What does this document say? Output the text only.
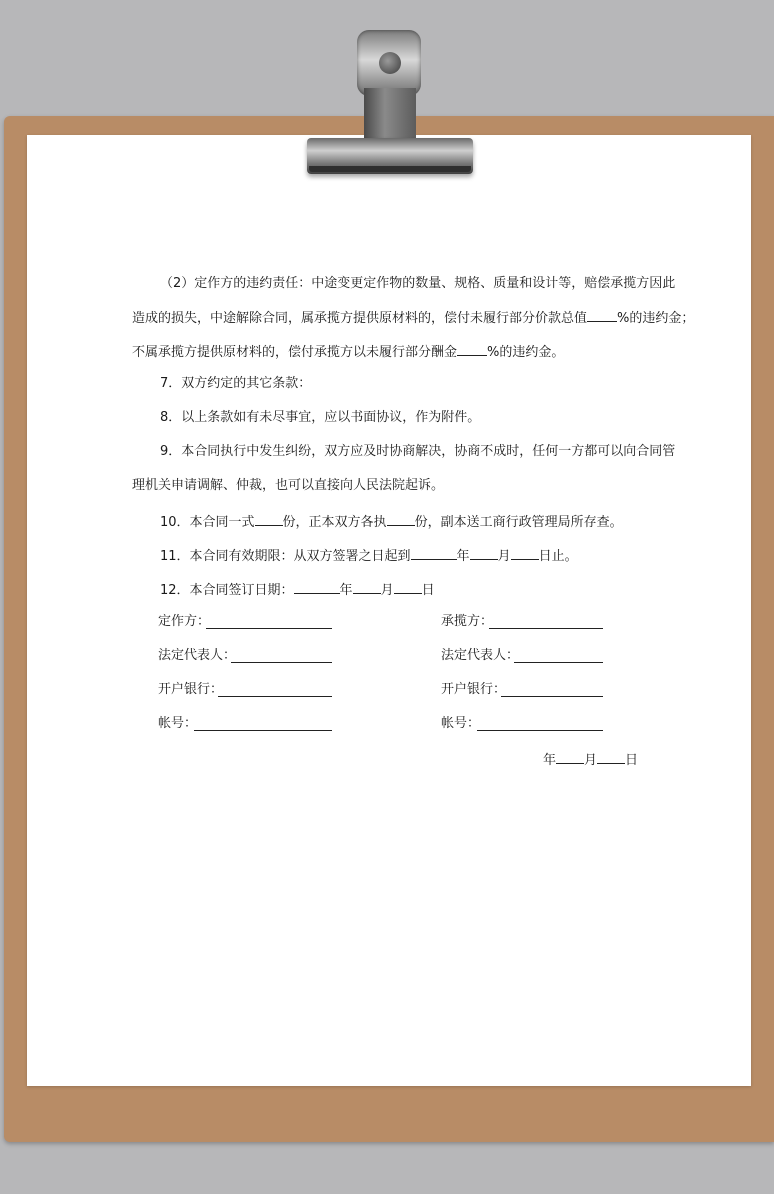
（2）定作方的违约责任：中途变更定作物的数量、规格、质量和设计等，赔偿承揽方因此

造成的损失，中途解除合同，属承揽方提供原材料的，偿付未履行部分价款总值 %的违约金；

不属承揽方提供原材料的，偿付承揽方以未履行部分酬金 %的违约金。

7．双方约定的其它条款：

8．以上条款如有未尽事宜，应以书面协议，作为附件。

9．本合同执行中发生纠纷，双方应及时协商解决，协商不成时，任何一方都可以向合同管

理机关申请调解、仲裁，也可以直接向人民法院起诉。

10．本合同一式 份，正本双方各执 份，副本送工商行政管理局所存查。

11．本合同有效期限：从双方签署之日起到	年 月 日止。

12．本合同签订日期：	年 月 日

定作方：
法定代表人：
开户银行：
帐号：
承揽方：
法定代表人：
开户银行：
帐号：

年 月 日
